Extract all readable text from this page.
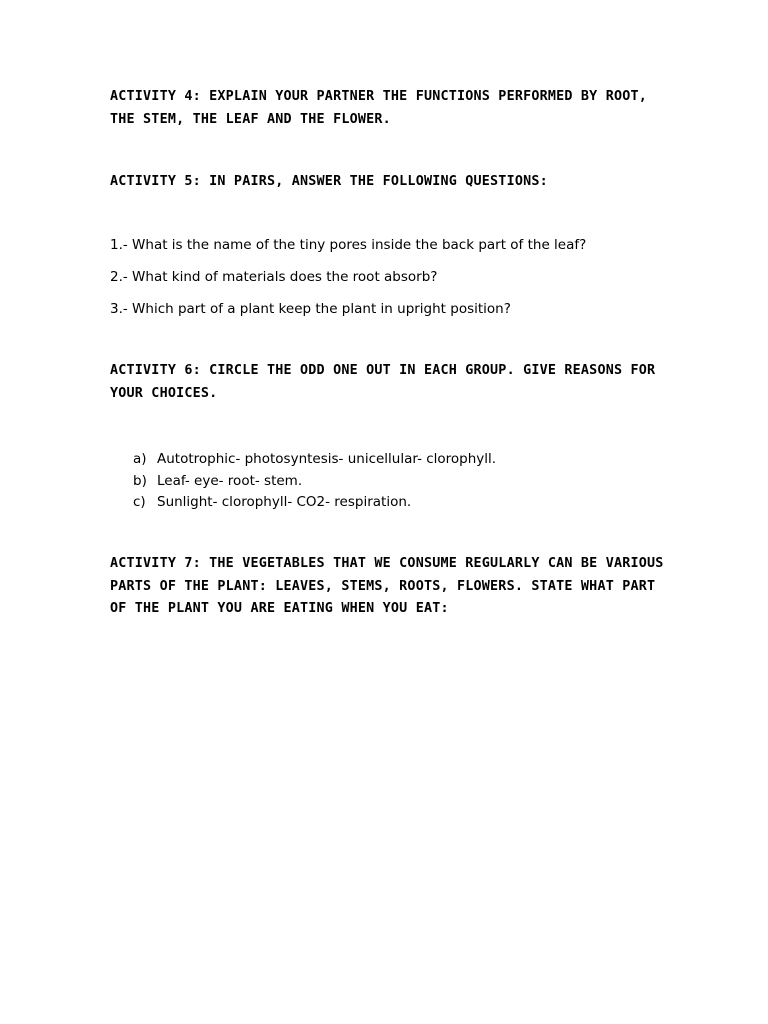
ACTIVITY 4: EXPLAIN YOUR PARTNER THE FUNCTIONS PERFORMED BY ROOT, THE STEM, THE LEAF AND THE FLOWER.

ACTIVITY 5: IN PAIRS, ANSWER THE FOLLOWING QUESTIONS:

1.- What is the name of the tiny pores inside the back part of the leaf?

2.- What kind of materials does the root absorb?

3.- Which part of a plant keep the plant in upright position?

ACTIVITY 6: CIRCLE THE ODD ONE OUT IN EACH GROUP. GIVE REASONS FOR YOUR CHOICES.

a) Autotrophic- photosyntesis- unicellular- clorophyll.
b) Leaf- eye- root- stem.
c) Sunlight- clorophyll- CO2- respiration.

ACTIVITY 7: THE VEGETABLES THAT WE CONSUME REGULARLY CAN BE VARIOUS PARTS OF THE PLANT: LEAVES, STEMS, ROOTS, FLOWERS. STATE WHAT PART OF THE PLANT YOU ARE EATING WHEN YOU EAT:
